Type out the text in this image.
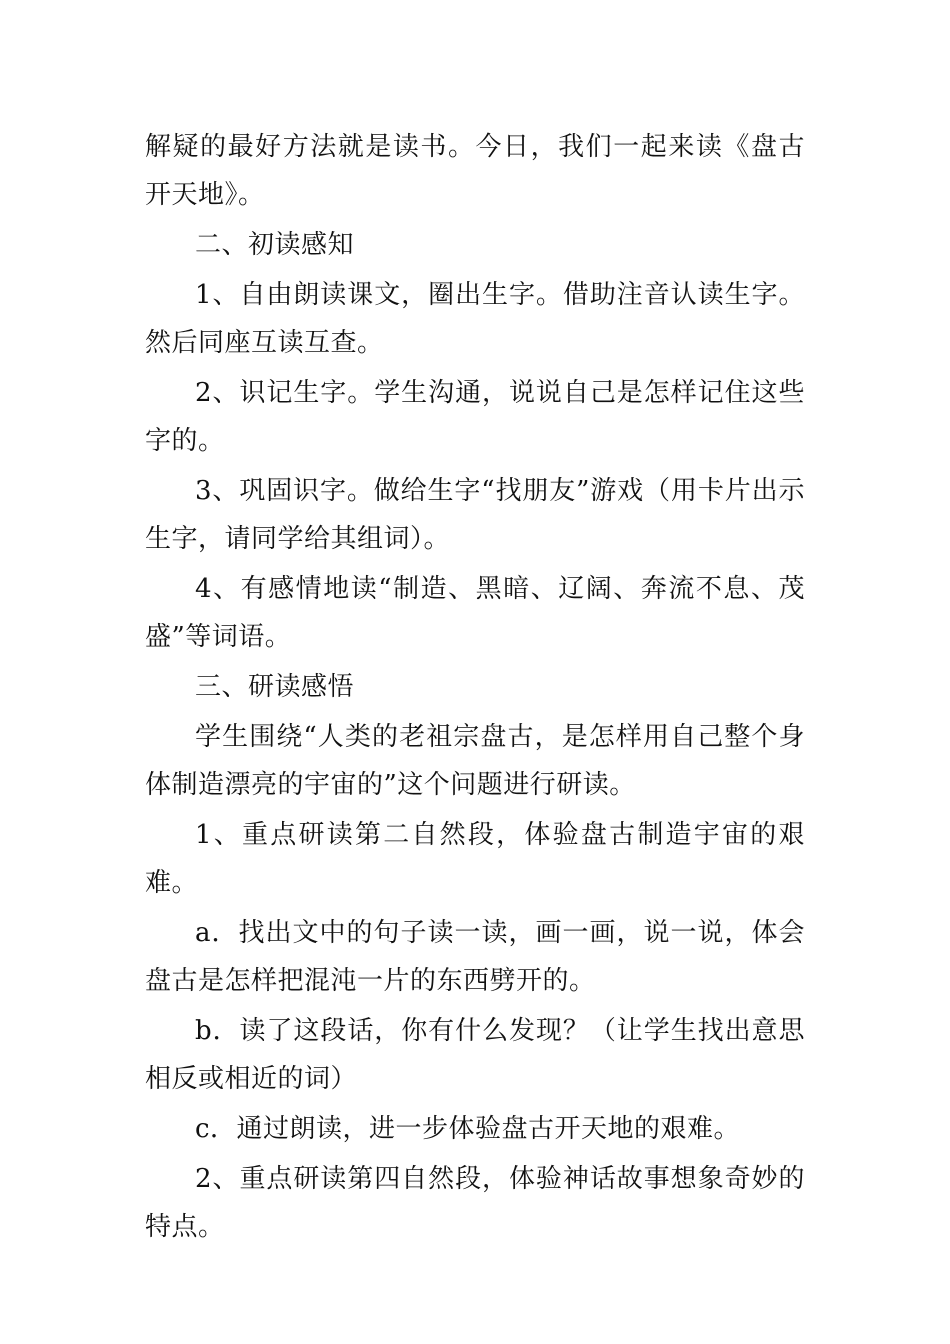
解疑的最好方法就是读书。今日，我们一起来读《盘古开天地》。

二、初读感知

1、自由朗读课文，圈出生字。借助注音认读生字。然后同座互读互查。

2、识记生字。学生沟通，说说自己是怎样记住这些字的。

3、巩固识字。做给生字“找朋友”游戏（用卡片出示生字，请同学给其组词）。

4、有感情地读“制造、黑暗、辽阔、奔流不息、茂盛”等词语。

三、研读感悟

学生围绕“人类的老祖宗盘古，是怎样用自己整个身体制造漂亮的宇宙的”这个问题进行研读。

1、重点研读第二自然段，体验盘古制造宇宙的艰难。

a．找出文中的句子读一读，画一画，说一说，体会盘古是怎样把混沌一片的东西劈开的。

b．读了这段话，你有什么发现？（让学生找出意思相反或相近的词）

c．通过朗读，进一步体验盘古开天地的艰难。

2、重点研读第四自然段，体验神话故事想象奇妙的特点。
